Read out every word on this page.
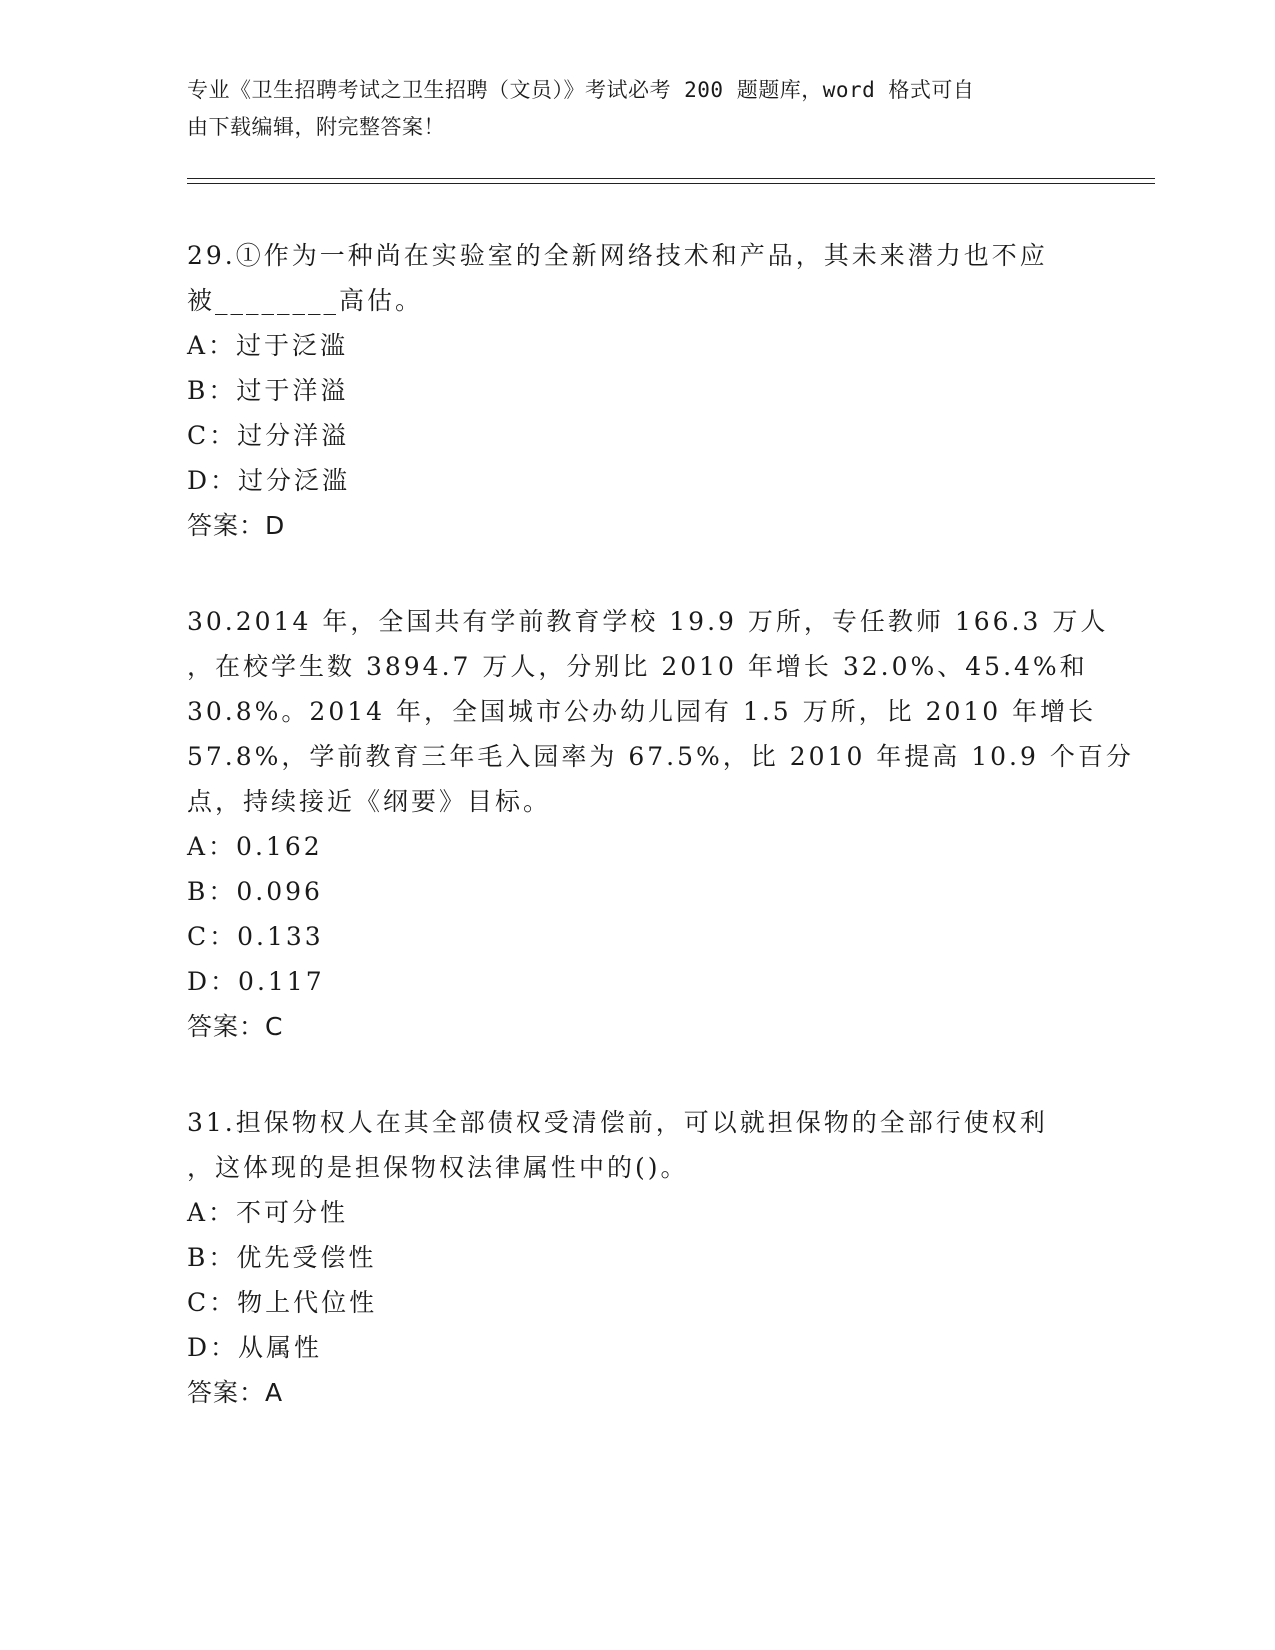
专业《卫生招聘考试之卫生招聘（文员）》考试必考 200 题题库，word 格式可自
由下载编辑，附完整答案！

29.①作为一种尚在实验室的全新网络技术和产品，其未来潜力也不应
被________高估。

A：过于泛滥
B：过于洋溢
C：过分洋溢
D：过分泛滥
答案：D

30.2014 年，全国共有学前教育学校 19.9 万所，专任教师 166.3 万人
，在校学生数 3894.7 万人，分别比 2010 年增长 32.0%、45.4%和
30.8%。2014 年，全国城市公办幼儿园有 1.5 万所，比 2010 年增长
57.8%，学前教育三年毛入园率为 67.5%，比 2010 年提高 10.9 个百分
点，持续接近《纲要》目标。

A：0.162
B：0.096
C：0.133
D：0.117
答案：C

31.担保物权人在其全部债权受清偿前，可以就担保物的全部行使权利
，这体现的是担保物权法律属性中的()。

A：不可分性
B：优先受偿性
C：物上代位性
D：从属性
答案：A
